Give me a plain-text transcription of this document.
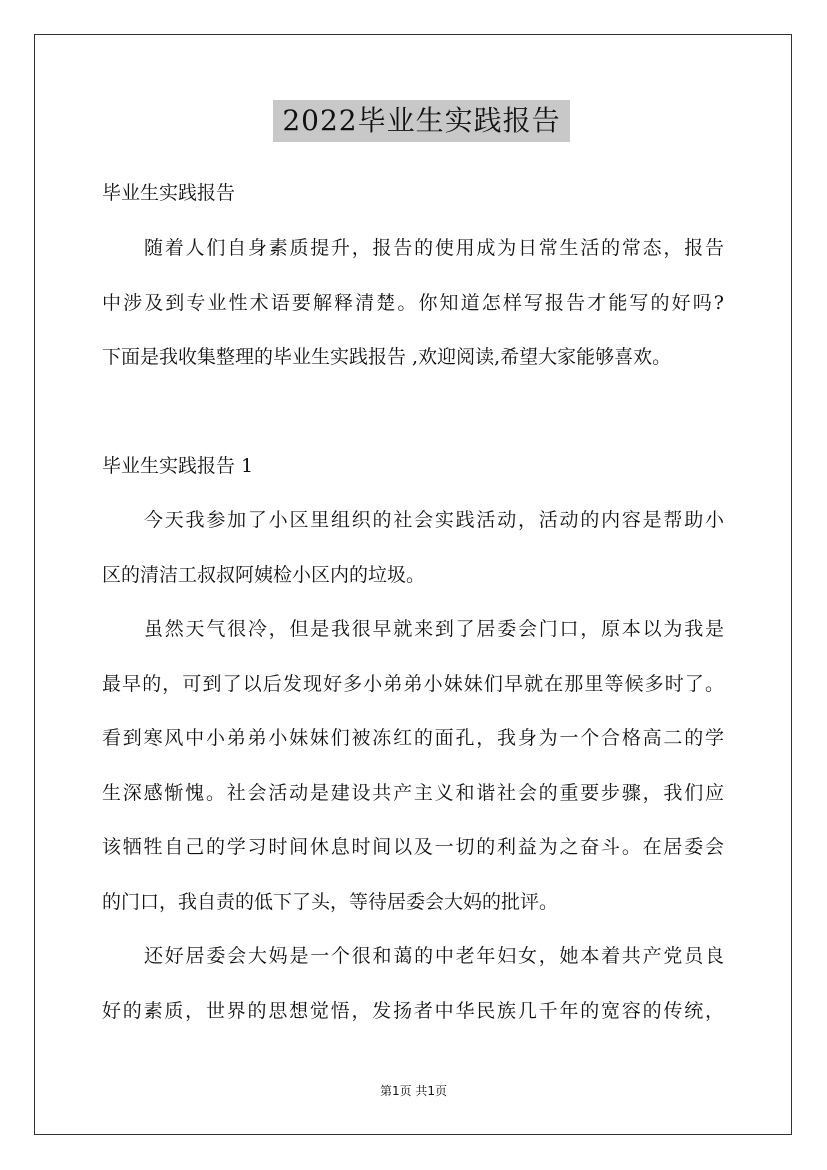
2022毕业生实践报告
毕业生实践报告
随着人们自身素质提升，报告的使用成为日常生活的常态，报告
中涉及到专业性术语要解释清楚。你知道怎样写报告才能写的好吗?
下面是我收集整理的毕业生实践报告 ,欢迎阅读,希望大家能够喜欢。
毕业生实践报告 1
今天我参加了小区里组织的社会实践活动，活动的内容是帮助小
区的清洁工叔叔阿姨检小区内的垃圾。
虽然天气很冷，但是我很早就来到了居委会门口，原本以为我是
最早的，可到了以后发现好多小弟弟小妹妹们早就在那里等候多时了。
看到寒风中小弟弟小妹妹们被冻红的面孔，我身为一个合格高二的学
生深感惭愧。社会活动是建设共产主义和谐社会的重要步骤，我们应
该牺牲自己的学习时间休息时间以及一切的利益为之奋斗。在居委会
的门口，我自责的低下了头，等待居委会大妈的批评。
还好居委会大妈是一个很和蔼的中老年妇女，她本着共产党员良
好的素质，世界的思想觉悟，发扬者中华民族几千年的宽容的传统，
第1页 共1页
